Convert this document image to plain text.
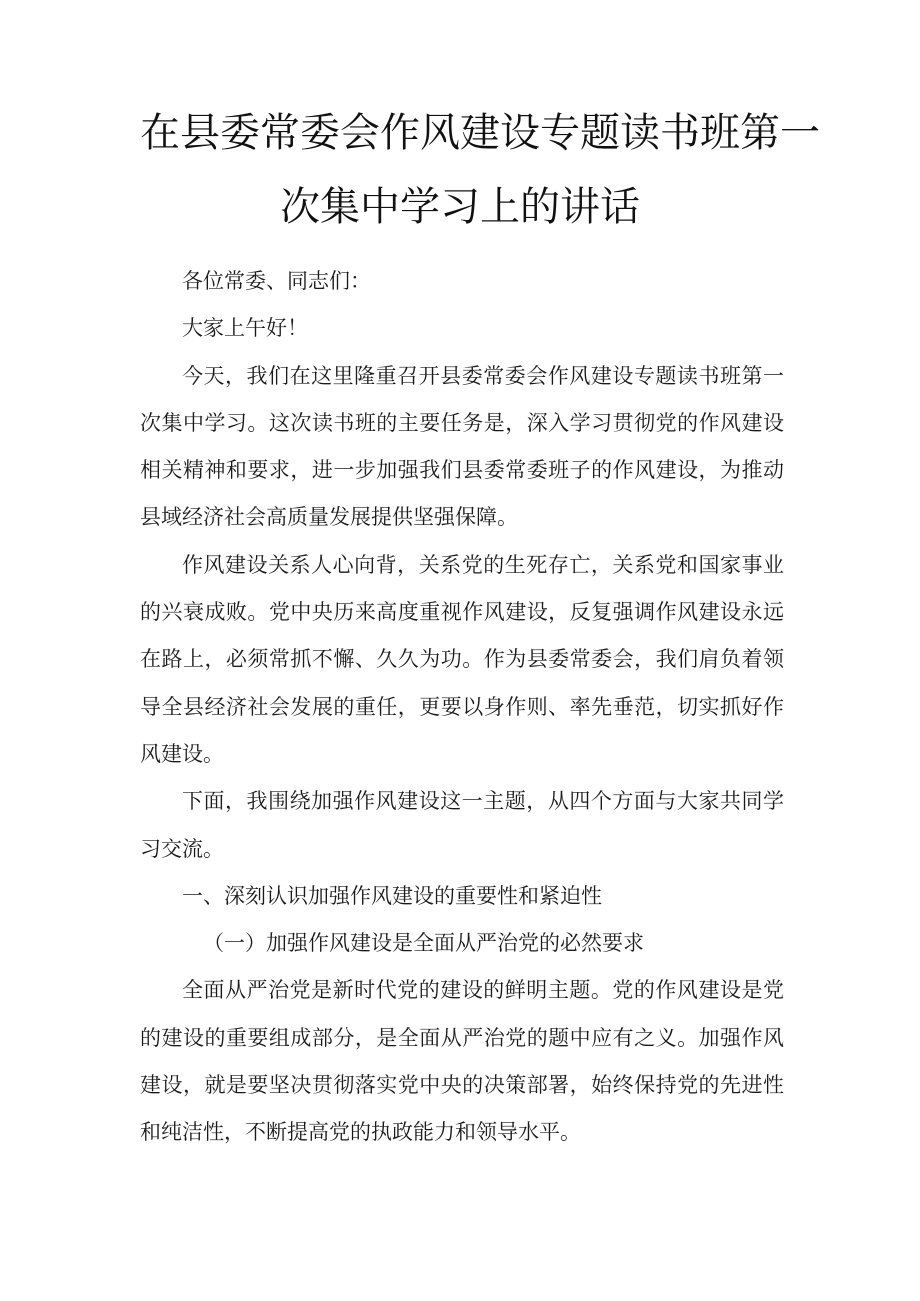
在县委常委会作风建设专题读书班第一
次集中学习上的讲话

各位常委、同志们：

大家上午好！

今天，我们在这里隆重召开县委常委会作风建设专题读书班第一次集中学习。这次读书班的主要任务是，深入学习贯彻党的作风建设相关精神和要求，进一步加强我们县委常委班子的作风建设，为推动县域经济社会高质量发展提供坚强保障。

作风建设关系人心向背，关系党的生死存亡，关系党和国家事业的兴衰成败。党中央历来高度重视作风建设，反复强调作风建设永远在路上，必须常抓不懈、久久为功。作为县委常委会，我们肩负着领导全县经济社会发展的重任，更要以身作则、率先垂范，切实抓好作风建设。

下面，我围绕加强作风建设这一主题，从四个方面与大家共同学习交流。

一、深刻认识加强作风建设的重要性和紧迫性

（一）加强作风建设是全面从严治党的必然要求

全面从严治党是新时代党的建设的鲜明主题。党的作风建设是党的建设的重要组成部分，是全面从严治党的题中应有之义。加强作风建设，就是要坚决贯彻落实党中央的决策部署，始终保持党的先进性和纯洁性，不断提高党的执政能力和领导水平。
